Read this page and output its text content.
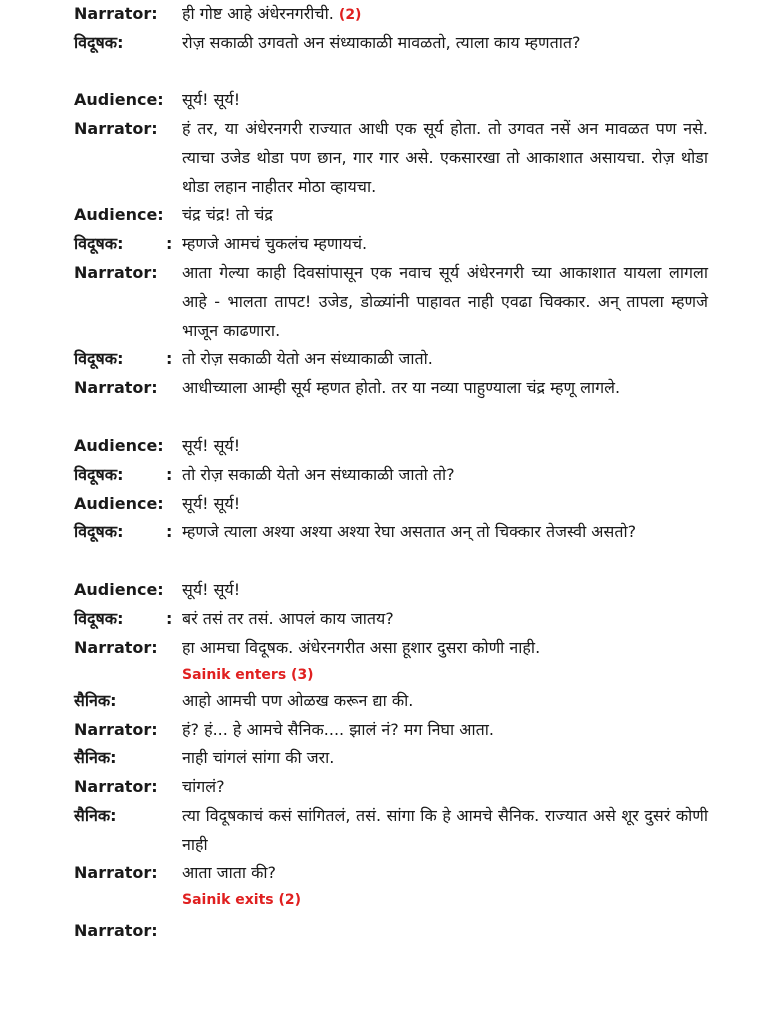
Narrator:	ही गोष्ट आहे अंधेरनगरीची. (2)
विदूषक:	रोज़ सकाळी उगवतो अन संध्याकाळी मावळतो, त्याला काय म्हणतात?
Audience: सूर्य! सूर्य!
Narrator:	हं तर, या अंधेरनगरी राज्यात आधी एक सूर्य होता. तो उगवत नसें अन मावळत पण नसे. त्याचा उजेड थोडा पण छान, गार गार असे. एकसारखा तो आकाशात असायचा. रोज़ थोडा थोडा लहान नाहीतर मोठा व्हायचा.
Audience: चंद्र चंद्र! तो चंद्र
विदूषक:	: म्हणजे आमचं चुकलंच म्हणायचं.
Narrator:	आता गेल्या काही दिवसांपासून एक नवाच सूर्य अंधेरनगरी च्या आकाशात यायला लागला आहे - भालता तापट! उजेड, डोळ्यांनी पाहावत नाही एवढा चिक्कार. अन् तापला म्हणजे भाजून काढणारा.
विदूषक:	: तो रोज़ सकाळी येतो अन संध्याकाळी जातो.
Narrator:	आधीच्याला आम्ही सूर्य म्हणत होतो. तर या नव्या पाहुण्याला चंद्र म्हणू लागले.
Audience: सूर्य! सूर्य!
विदूषक:	: तो रोज़ सकाळी येतो अन संध्याकाळी जातो तो?
Audience: सूर्य! सूर्य!
विदूषक:	: म्हणजे त्याला अश्या अश्या अश्या रेघा असतात अन् तो चिक्कार तेजस्वी असतो?
Audience: सूर्य! सूर्य!
विदूषक:	: बरं तसं तर तसं. आपलं काय जातय?
Narrator:	हा आमचा विदूषक. अंधेरनगरीत असा हूशार दुसरा कोणी नाही.
Sainik enters (3)
सैनिक:	आहो आमची पण ओळख करून द्या की.
Narrator:	हं? हं... हे आमचे सैनिक.... झालं नं? मग निघा आता.
सैनिक:	नाही चांगलं सांगा की जरा.
Narrator:	चांगलं?
सैनिक:	त्या विदूषकाचं कसं सांगितलं, तसं. सांगा कि हे आमचे सैनिक. राज्यात असे शूर दुसरं कोणी नाही
Narrator:	आता जाता की?
Sainik exits (2)
Narrator:
